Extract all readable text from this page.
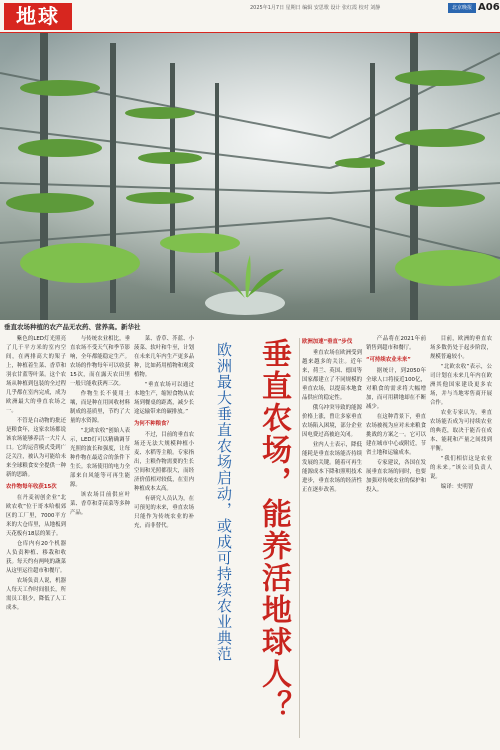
地球	2025年1月7日 星期日 编辑 安思歌 设计 张红霞 校对 刘静	北京晚报 A06
垂直农场种植的农产品无农药、营养高。新华社

紫色的LED灯光照亮了几千平方米的室内空间，在两排高大的架子上，种植着生菜、香草和羽衣甘蓝等叶菜。这个农场从种植到包装的全过程几乎都在室内完成，成为欧洲最大的垂直农场之一。

不管是白动物的批还是粮食年，这家农场都说该农场能够养活一大片人口。它的运营模式受到广泛关注，被认为可能给未来全球粮食安全提供一种新的思路。

农作物每年收获15次

在丹麦初创企业“北欧农收”位于哥本哈根郊区的工厂里，7000平方米的大仓库里，从地板到天花板有18层的架子。

仓库内有20个机器人负责种植、移栽和收获。每天约有两吨的蔬菜从这里运往超市和餐厅。

农场负责人说，机器人每天工作时间很长，所需员工很少，降低了人工成本。

与传统农业相比，垂直农场不受天气和季节影响，全年都能稳定生产。农场的作物每年可以收获15次，而在露天农田里一般只能收获两三次。

作物生长不使用土壤，而是种在用回收材料制成的基质里，节约了大量的水资源。

“北欧农收”创始人表示，LED灯可以精确调节光照的波长和强度，让每种作物在最适合的条件下生长。农场使用的电力全部来自风能等可再生能源。

该农场目前供应叶菜、香草和芽苗菜等多种产品。

菜、香草、芥蓝、小菠菜、软叶和牛至，计划在未来几年内生产更多品种，比如药用植物和观赏植物。

“垂直农场可以通过本地生产，缩短食物从农场到餐桌的距离，减少长途运输带来的碳排放。”

为何不种粮食？

不过，目前的垂直农场还无法大规模种植小麦、水稻等主粮。专家指出，主粮作物需要的生长空间和光照都很大，而经济价值相对较低，在室内种植成本太高。

有研究人员认为，在可预见的未来，垂直农场只能作为传统农业的补充，而非替代。	垂直农场，能养活地球人？
欧洲最大垂直农场启动，或成可持续农业典范	欧洲加速“垂直”步伐

垂直农场在欧洲受到越来越多的关注。近年来，荷兰、英国、德国等国家都建立了不同规模的垂直农场，以提高本地食品供应的稳定性。

俄乌冲突导致的能源价格上涨，曾让多家垂直农场陷入困境，部分企业因电费过高被迫关闭。

业内人士表示，降低能耗是垂直农场能否持续发展的关键。随着可再生能源成本下降和照明技术进步，垂直农场的经济性正在逐步改善。

产品将在2021年前销售到超市和餐厅。

“可持续农业未来”

据统计，到2050年全球人口将接近100亿，对粮食的需求将大幅增加，而可用耕地却在不断减少。

在这种背景下，垂直农场被视为应对未来粮食挑战的方案之一。它可以建在城市中心或附近，节省土地和运输成本。

专家建议，各国在发展垂直农场的同时，也要加强对传统农业的保护和投入。

目前，欧洲的垂直农场多数仍处于起步阶段，规模普遍较小。

“北欧农收”表示，公司计划在未来几年内在欧洲其他国家建设更多农场，并与当地零售商开展合作。

农业专家认为，垂直农场能否成为可持续农业的典范，取决于能否在成本、能耗和产量之间找到平衡。

“我们相信这是农业的未来。”该公司负责人说。

编译：史明智
